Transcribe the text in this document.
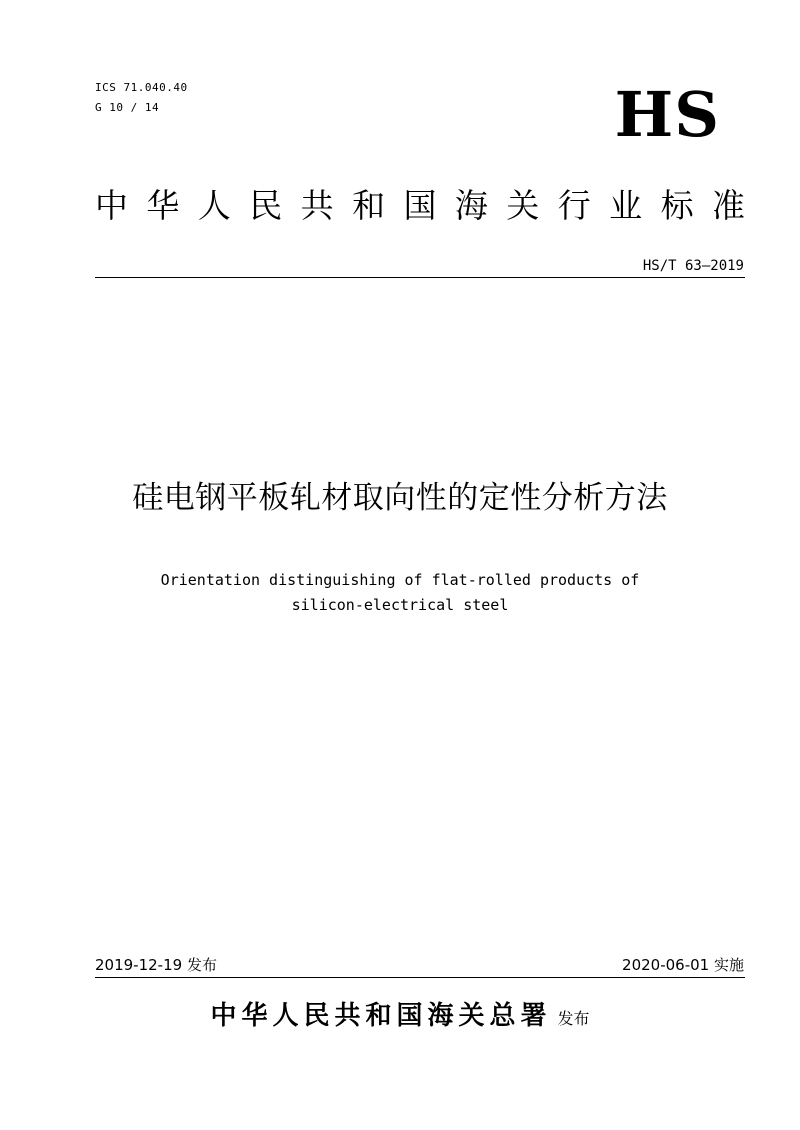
ICS 71.040.40
G 10 / 14	HS
中 华 人 民 共 和 国 海 关 行 业 标 准
HS/T 63—2019
硅电钢平板轧材取向性的定性分析方法
Orientation distinguishing of flat-rolled products of
silicon-electrical steel
2019-12-19 发布	2020-06-01 实施
中华人民共和国海关总署 发布
